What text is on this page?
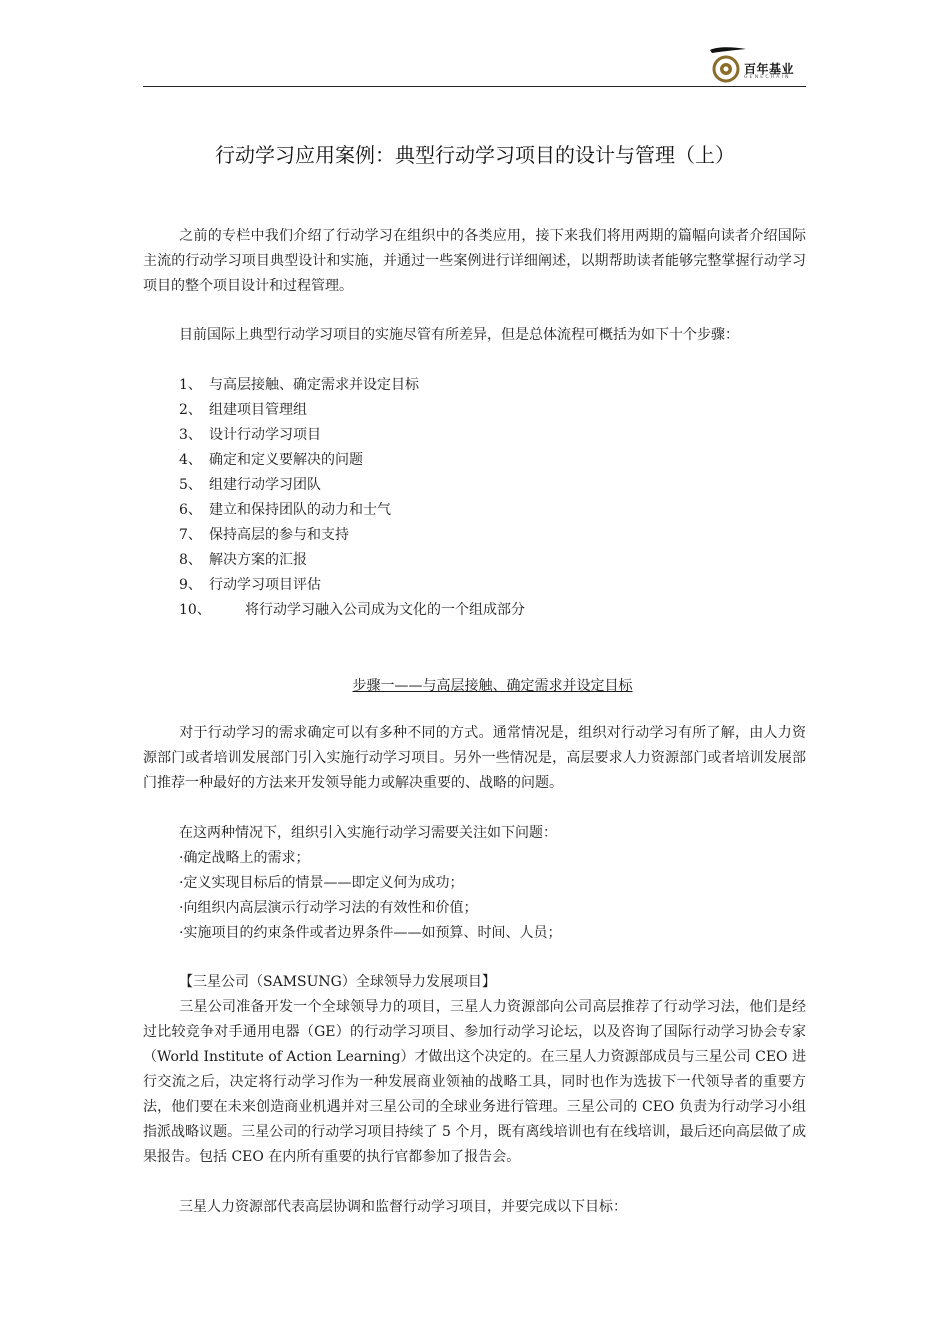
百年基业
GENECHAIN
行动学习应用案例：典型行动学习项目的设计与管理（上）
之前的专栏中我们介绍了行动学习在组织中的各类应用，接下来我们将用两期的篇幅向读者介绍国际主流的行动学习项目典型设计和实施，并通过一些案例进行详细阐述，以期帮助读者能够完整掌握行动学习项目的整个项目设计和过程管理。
目前国际上典型行动学习项目的实施尽管有所差异，但是总体流程可概括为如下十个步骤：
1、 与高层接触、确定需求并设定目标
2、 组建项目管理组
3、 设计行动学习项目
4、 确定和定义要解决的问题
5、 组建行动学习团队
6、 建立和保持团队的动力和士气
7、 保持高层的参与和支持
8、 解决方案的汇报
9、 行动学习项目评估
10、 将行动学习融入公司成为文化的一个组成部分
步骤一——与高层接触、确定需求并设定目标
对于行动学习的需求确定可以有多种不同的方式。通常情况是，组织对行动学习有所了解，由人力资源部门或者培训发展部门引入实施行动学习项目。另外一些情况是，高层要求人力资源部门或者培训发展部门推荐一种最好的方法来开发领导能力或解决重要的、战略的问题。
在这两种情况下，组织引入实施行动学习需要关注如下问题：
·确定战略上的需求；
·定义实现目标后的情景——即定义何为成功；
·向组织内高层演示行动学习法的有效性和价值；
·实施项目的约束条件或者边界条件——如预算、时间、人员；
【三星公司（SAMSUNG）全球领导力发展项目】
三星公司准备开发一个全球领导力的项目，三星人力资源部向公司高层推荐了行动学习法，他们是经过比较竞争对手通用电器（GE）的行动学习项目、参加行动学习论坛，以及咨询了国际行动学习协会专家（World Institute of Action Learning）才做出这个决定的。在三星人力资源部成员与三星公司 CEO 进行交流之后，决定将行动学习作为一种发展商业领袖的战略工具，同时也作为选拔下一代领导者的重要方法，他们要在未来创造商业机遇并对三星公司的全球业务进行管理。三星公司的 CEO 负责为行动学习小组指派战略议题。三星公司的行动学习项目持续了 5 个月，既有离线培训也有在线培训，最后还向高层做了成果报告。包括 CEO 在内所有重要的执行官都参加了报告会。
三星人力资源部代表高层协调和监督行动学习项目，并要完成以下目标：
